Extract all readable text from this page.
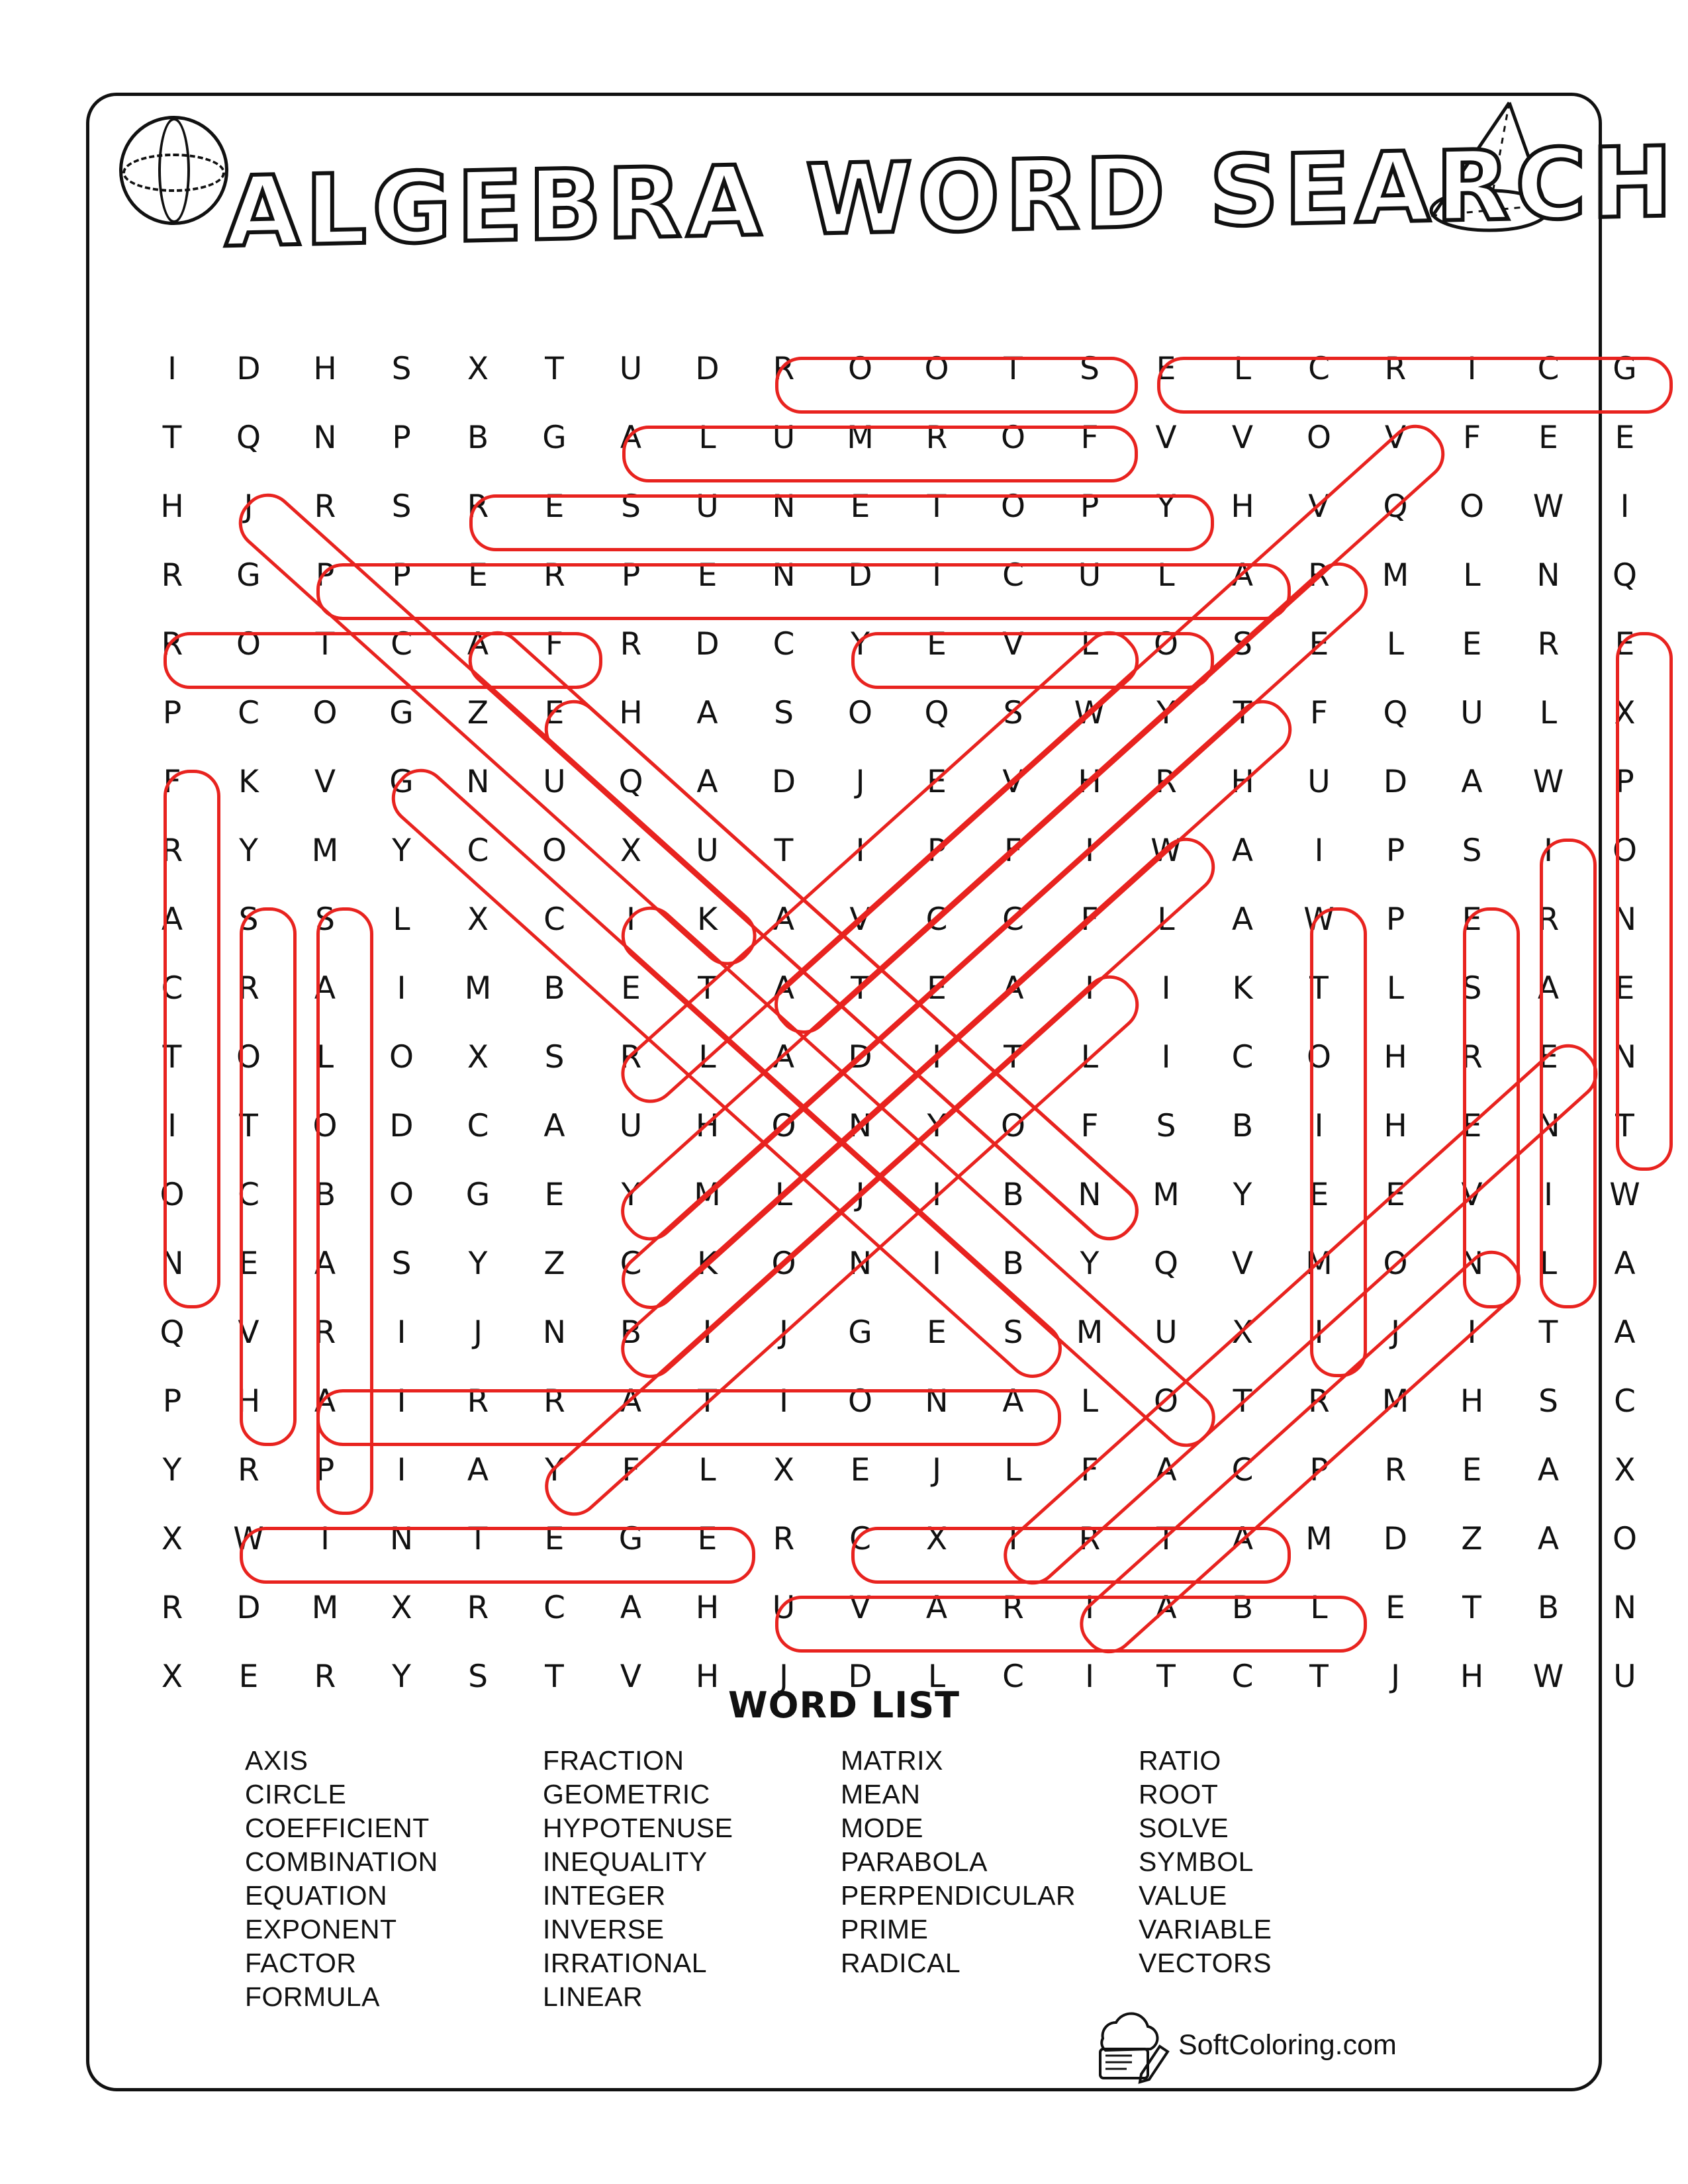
ALGEBRA WORD SEARCH
I	D H S X T U D R O O T S E	L	C R	I	C G
T Q N P B G A	L	U M R O	F	V V O V	F	E E
H	J	R S R E S U N E T O P Y H V Q O W	I
R G P P E R P E N D	I	C U	L	A R M	L	N Q
R O T C A	F	R D C Y E V	L	O S E	L	E R E
P C O G Z E H A S O Q S W Y T	F	Q U	L	X
F	K V G N U Q A D	J	E V H R H U D A W P
R Y M Y C O X U T	I	P	F	I	W A	I	P S	I	O
A S S	L	X C	I	K A V C C	F	L	A W P E R N
C R A	I	M B E T A T E A	I	I	K T	L	S A E
T O	L	O X S R	L	A D	I	T	L	I	C O H R E N
I	T O D C A U H O N Y O	F	S B	I	H E N T
O C B O G E Y M	L	J	I	B N M Y E E V	I	W
N E A S Y Z C K O N	I	B Y Q V M O N	L	A
Q V R	I	J	N B	I	J	G E S M U X	I	J	I	T A
P H A	I	R R A T	I	O N A	L	O T R M H S C
Y R P	I	A Y	F	L	X E	J	L	F	A C P R E A X
X W	I	N T E G E R C X	I	R T A M D Z A O
R D M X R C A H U V A R	I	A B	L	E T B N
X E R Y S T V H	J	D	L	C	I	T C T	J	H W U
WORD LIST
AXIS
CIRCLE
COEFFICIENT
COMBINATION
EQUATION
EXPONENT
FACTOR
FORMULA
FRACTION
GEOMETRIC
HYPOTENUSE
INEQUALITY
INTEGER
INVERSE
IRRATIONAL
LINEAR
MATRIX
MEAN
MODE
PARABOLA
PERPENDICULAR
PRIME
RADICAL
RATIO
ROOT
SOLVE
SYMBOL
VALUE
VARIABLE
VECTORS
SoftColoring.com
